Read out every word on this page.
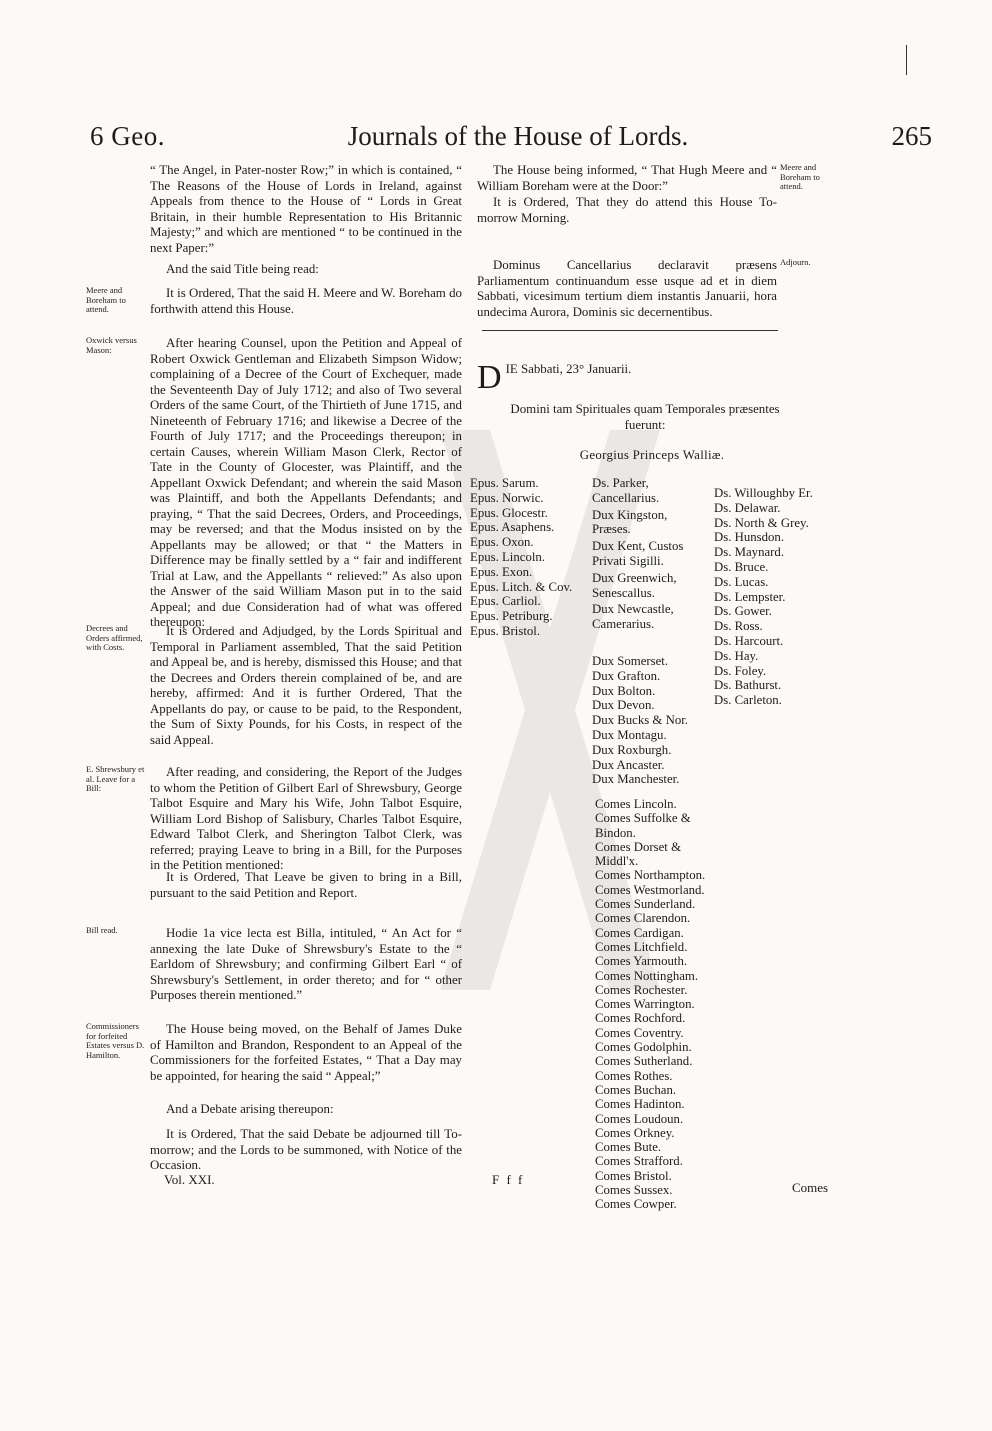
6 Geo.	Journals of the House of Lords.	265

“ The Angel, in Pater-noster Row;” in which is contained, “ The Reasons of the House of Lords in Ireland, against Appeals from thence to the House of “ Lords in Great Britain, in their humble Representation to His Britannic Majesty;” and which are mentioned “ to be continued in the next Paper:”

And the said Title being read:

It is Ordered, That the said H. Meere and W. Boreham do forthwith attend this House.

After hearing Counsel, upon the Petition and Appeal of Robert Oxwick Gentleman and Elizabeth Simpson Widow; complaining of a Decree of the Court of Exchequer, made the Seventeenth Day of July 1712; and also of Two several Orders of the same Court, of the Thirtieth of June 1715, and Nineteenth of February 1716; and likewise a Decree of the Fourth of July 1717; and the Proceedings thereupon; in certain Causes, wherein William Mason Clerk, Rector of Tate in the County of Glocester, was Plaintiff, and the Appellant Oxwick Defendant; and wherein the said Mason was Plaintiff, and both the Appellants Defendants; and praying, “ That the said Decrees, Orders, and Proceedings, may be reversed; and that the Modus insisted on by the Appellants may be allowed; or that “ the Matters in Difference may be finally settled by a “ fair and indifferent Trial at Law, and the Appellants “ relieved:” As also upon the Answer of the said William Mason put in to the said Appeal; and due Consideration had of what was offered thereupon:

It is Ordered and Adjudged, by the Lords Spiritual and Temporal in Parliament assembled, That the said Petition and Appeal be, and is hereby, dismissed this House; and that the Decrees and Orders therein complained of be, and are hereby, affirmed: And it is further Ordered, That the Appellants do pay, or cause to be paid, to the Respondent, the Sum of Sixty Pounds, for his Costs, in respect of the said Appeal.

After reading, and considering, the Report of the Judges to whom the Petition of Gilbert Earl of Shrewsbury, George Talbot Esquire and Mary his Wife, John Talbot Esquire, William Lord Bishop of Salisbury, Charles Talbot Esquire, Edward Talbot Clerk, and Sherington Talbot Clerk, was referred; praying Leave to bring in a Bill, for the Purposes in the Petition mentioned:

It is Ordered, That Leave be given to bring in a Bill, pursuant to the said Petition and Report.

Hodie 1a vice lecta est Billa, intituled, “ An Act for “ annexing the late Duke of Shrewsbury's Estate to the “ Earldom of Shrewsbury; and confirming Gilbert Earl “ of Shrewsbury's Settlement, in order thereto; and for “ other Purposes therein mentioned.”

The House being moved, on the Behalf of James Duke of Hamilton and Brandon, Respondent to an Appeal of the Commissioners for the forfeited Estates, “ That a Day may be appointed, for hearing the said “ Appeal;”

And a Debate arising thereupon:

It is Ordered, That the said Debate be adjourned till To-morrow; and the Lords to be summoned, with Notice of the Occasion.

Meere and Boreham to attend.
Oxwick versus Mason:
Decrees and Orders affirmed, with Costs.
E. Shrewsbury et al. Leave for a Bill:
Bill read.
Commissioners for forfeited Estates versus D. Hamilton.

The House being informed, “ That Hugh Meere and “ William Boreham were at the Door:”

It is Ordered, That they do attend this House To-morrow Morning.

Dominus Cancellarius declaravit præsens Parliamentum continuandum esse usque ad et in diem Sabbati, vicesimum tertium diem instantis Januarii, hora undecima Aurora, Dominis sic decernentibus.

DIE Sabbati, 23° Januarii.

Domini tam Spirituales quam Temporales præsentes fuerunt:

Georgius Princeps Walliæ.

Meere and Boreham to attend.
Adjourn.
Epus. Sarum.
Epus. Norwic.
Epus. Glocestr.
Epus. Asaphens.
Epus. Oxon.
Epus. Lincoln.
Epus. Exon.
Epus. Litch. & Cov.
Epus. Carliol.
Epus. Petriburg.
Epus. Bristol.
Ds. Parker, Cancellarius.
Dux Kingston, Præses.
Dux Kent, Custos Privati Sigilli.
Dux Greenwich, Senescallus.
Dux Newcastle, Camerarius.
Dux Somerset.
Dux Grafton.
Dux Bolton.
Dux Devon.
Dux Bucks & Nor.
Dux Montagu.
Dux Roxburgh.
Dux Ancaster.
Dux Manchester.
Comes Lincoln.
Comes Suffolke & Bindon.
Comes Dorset & Middl'x.
Comes Northampton.
Comes Westmorland.
Comes Sunderland.
Comes Clarendon.
Comes Cardigan.
Comes Litchfield.
Comes Yarmouth.
Comes Nottingham.
Comes Rochester.
Comes Warrington.
Comes Rochford.
Comes Coventry.
Comes Godolphin.
Comes Sutherland.
Comes Rothes.
Comes Buchan.
Comes Hadinton.
Comes Loudoun.
Comes Orkney.
Comes Bute.
Comes Strafford.
Comes Bristol.
Comes Sussex.
Comes Cowper.
Ds. Willoughby Er.
Ds. Delawar.
Ds. North & Grey.
Ds. Hunsdon.
Ds. Maynard.
Ds. Bruce.
Ds. Lucas.
Ds. Lempster.
Ds. Gower.
Ds. Ross.
Ds. Harcourt.
Ds. Hay.
Ds. Foley.
Ds. Bathurst.
Ds. Carleton.
Vol. XXI.	F f f
Comes
